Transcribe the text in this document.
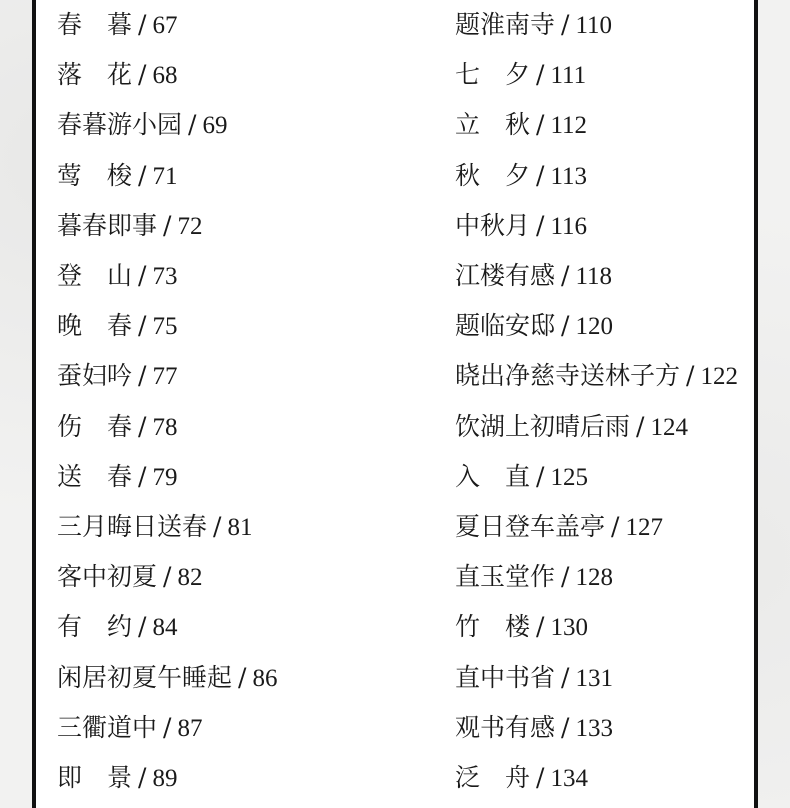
春　暮 / 67
落　花 / 68
春暮游小园 / 69
莺　梭 / 71
暮春即事 / 72
登　山 / 73
晚　春 / 75
蚕妇吟 / 77
伤　春 / 78
送　春 / 79
三月晦日送春 / 81
客中初夏 / 82
有　约 / 84
闲居初夏午睡起 / 86
三衢道中 / 87
即　景 / 89
题淮南寺 / 110
七　夕 / 111
立　秋 / 112
秋　夕 / 113
中秋月 / 116
江楼有感 / 118
题临安邸 / 120
晓出净慈寺送林子方 / 122
饮湖上初晴后雨 / 124
入　直 / 125
夏日登车盖亭 / 127
直玉堂作 / 128
竹　楼 / 130
直中书省 / 131
观书有感 / 133
泛　舟 / 134
